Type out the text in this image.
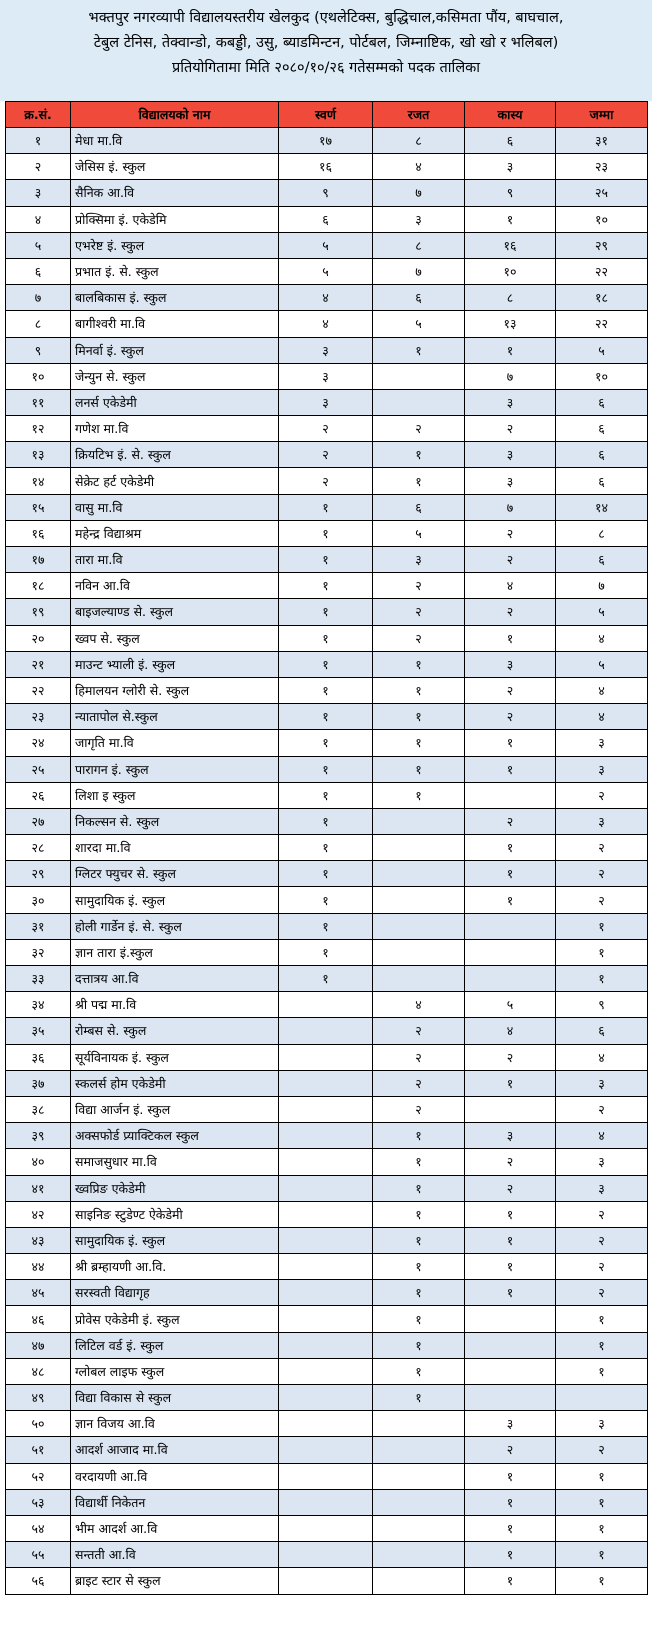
भक्तपुर नगरव्यापी विद्यालयस्तरीय खेलकुद (एथलेटिक्स, बुद्धिचाल,कसिमता पौंय, बाघचाल,
टेबुल टेनिस, तेक्वान्डो, कबड्डी, उसु, ब्याडमिन्टन, पोर्टबल, जिम्नाष्टिक, खो खो र भलिबल)
प्रतियोगितामा मिति २०८०/१०/२६ गतेसम्मको पदक तालिका
क्र.सं.	विद्यालयको नाम	स्वर्ण	रजत	कास्य	जम्मा
१	मेधा मा.वि	१७	८	६	३१
२	जेसिस इं. स्कुल	१६	४	३	२३
३	सैनिक आ.वि	९	७	९	२५
४	प्रोक्सिमा इं. एकेडेमि	६	३	१	१०
५	एभरेष्ट इं. स्कुल	५	८	१६	२९
६	प्रभात इं. से. स्कुल	५	७	१०	२२
७	बालबिकास इं. स्कुल	४	६	८	१८
८	बागीश्वरी मा.वि	४	५	१३	२२
९	मिनर्वा इं. स्कुल	३	१	१	५
१०	जेन्युन से. स्कुल	३		७	१०
११	लनर्स एकेडेमी	३		३	६
१२	गणेश मा.वि	२	२	२	६
१३	क्रियटिभ इं. से. स्कुल	२	१	३	६
१४	सेक्रेट हर्ट एकेडेमी	२	१	३	६
१५	वासु मा.वि	१	६	७	१४
१६	महेन्द्र विद्याश्रम	१	५	२	८
१७	तारा मा.वि	१	३	२	६
१८	नविन आ.वि	१	२	४	७
१९	बाइजल्याण्ड से. स्कुल	१	२	२	५
२०	ख्वप से. स्कुल	१	२	१	४
२१	माउन्ट भ्याली इं. स्कुल	१	१	३	५
२२	हिमालयन ग्लोरी से. स्कुल	१	१	२	४
२३	न्यातापोल से.स्कुल	१	१	२	४
२४	जागृति मा.वि	१	१	१	३
२५	पारागन इं. स्कुल	१	१	१	३
२६	लिशा इ स्कुल	१	१		२
२७	निकल्सन से. स्कुल	१		२	३
२८	शारदा मा.वि	१		१	२
२९	ग्लिटर फ्युचर से. स्कुल	१		१	२
३०	सामुदायिक इं. स्कुल	१		१	२
३१	होली गार्डेन इं. से. स्कुल	१			१
३२	ज्ञान तारा इं.स्कुल	१			१
३३	दत्तात्रय आ.वि	१			१
३४	श्री पद्म मा.वि		४	५	९
३५	रोम्बस से. स्कुल		२	४	६
३६	सूर्यविनायक इं. स्कुल		२	२	४
३७	स्कलर्स होम एकेडेमी		२	१	३
३८	विद्या आर्जन इं. स्कुल		२		२
३९	अक्सफोर्ड प्र्याक्टिकल स्कुल		१	३	४
४०	समाजसुधार मा.वि		१	२	३
४१	ख्वप्रिङ एकेडेमी		१	२	३
४२	साइनिङ स्टुडेण्ट ऐकेडेमी		१	१	२
४३	सामुदायिक इं. स्कुल		१	१	२
४४	श्री ब्रम्हायणी आ.वि.		१	१	२
४५	सरस्वती विद्यागृह		१	१	२
४६	प्रोवेस एकेडेमी इं. स्कुल		१		१
४७	लिटिल वर्ड इं. स्कुल		१		१
४८	ग्लोबल लाइफ स्कुल		१		१
४९	विद्या विकास से स्कुल		१		
५०	ज्ञान विजय आ.वि			३	३
५१	आदर्श आजाद मा.वि			२	२
५२	वरदायणी आ.वि			१	१
५३	विद्यार्थी निकेतन			१	१
५४	भीम आदर्श आ.वि			१	१
५५	सन्तती आ.वि			१	१
५६	ब्राइट स्टार से स्कुल			१	१
